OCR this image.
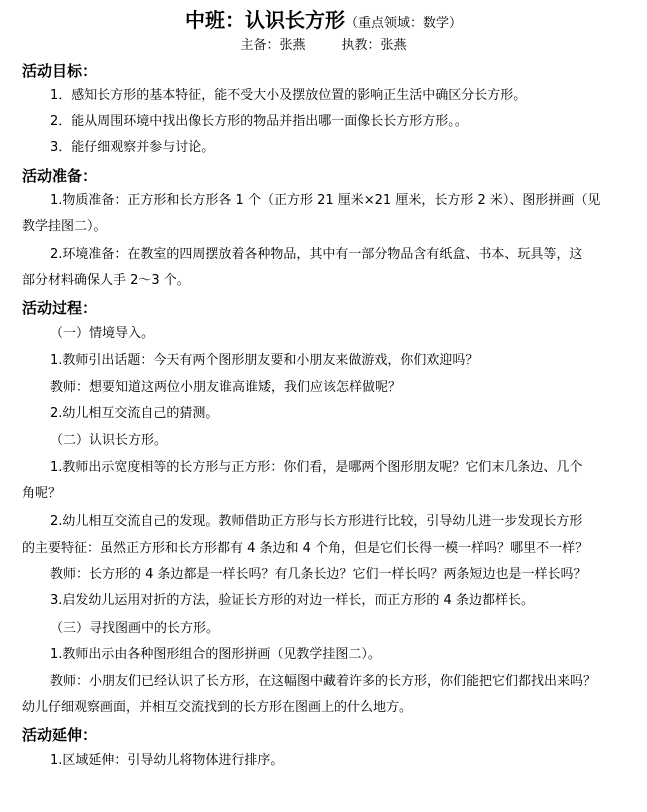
中班：认识长方形（重点领域：数学）
主备：张燕	执教：张燕
活动目标：
1．感知长方形的基本特征，能不受大小及摆放位置的影响正生活中确区分长方形。
2．能从周围环境中找出像长方形的物品并指出哪一面像长长方形方形。。
3．能仔细观察并参与讨论。
活动准备：
1.物质准备：正方形和长方形各 1 个（正方形 21 厘米×21 厘米，长方形 2 米）、图形拼画（见
教学挂图二）。
2.环境准备：在教室的四周摆放着各种物品，其中有一部分物品含有纸盒、书本、玩具等，这
部分材料确保人手 2～3 个。
活动过程：
（一）情境导入。
1.教师引出话题：今天有两个图形朋友要和小朋友来做游戏，你们欢迎吗？
教师：想要知道这两位小朋友谁高谁矮，我们应该怎样做呢？
2.幼儿相互交流自己的猜测。
（二）认识长方形。
1.教师出示宽度相等的长方形与正方形：你们看，是哪两个图形朋友呢？它们末几条边、几个
角呢？
2.幼儿相互交流自己的发现。教师借助正方形与长方形进行比较，引导幼儿进一步发现长方形
的主要特征：虽然正方形和长方形都有 4 条边和 4 个角，但是它们长得一模一样吗？哪里不一样？
教师：长方形的 4 条边都是一样长吗？有几条长边？它们一样长吗？两条短边也是一样长吗？
3.启发幼儿运用对折的方法，验证长方形的对边一样长，而正方形的 4 条边都样长。
（三）寻找图画中的长方形。
1.教师出示由各种图形组合的图形拼画（见教学挂图二）。
教师：小朋友们已经认识了长方形，在这幅图中藏着许多的长方形，你们能把它们都找出来吗？
幼儿仔细观察画面，并相互交流找到的长方形在图画上的什么地方。
活动延伸：
1.区域延伸：引导幼儿将物体进行排序。
